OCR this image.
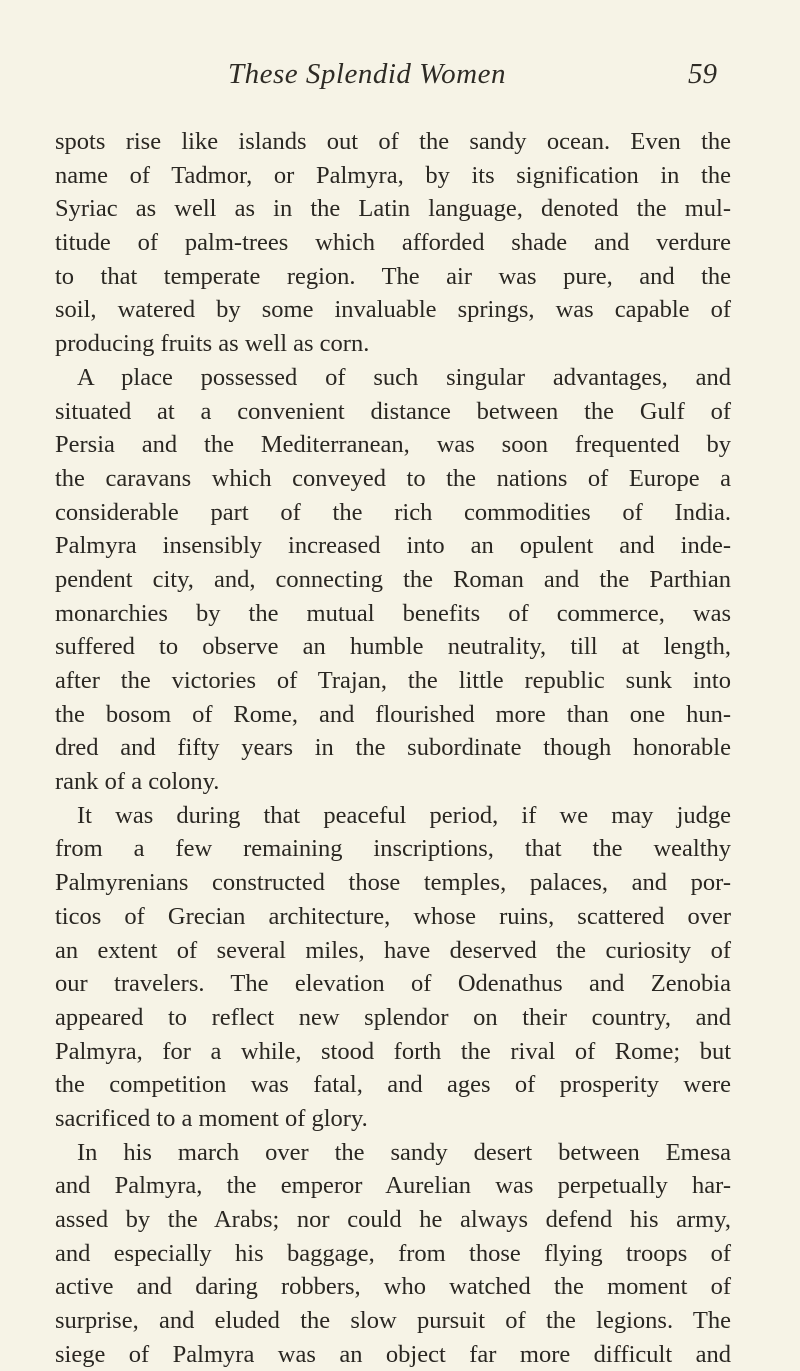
These Splendid Women	59
spots rise like islands out of the sandy ocean. Even the
name of Tadmor, or Palmyra, by its signification in the
Syriac as well as in the Latin language, denoted the mul-
titude of palm-trees which afforded shade and verdure
to that temperate region. The air was pure, and the
soil, watered by some invaluable springs, was capable of
producing fruits as well as corn.
A place possessed of such singular advantages, and
situated at a convenient distance between the Gulf of
Persia and the Mediterranean, was soon frequented by
the caravans which conveyed to the nations of Europe a
considerable part of the rich commodities of India.
Palmyra insensibly increased into an opulent and inde-
pendent city, and, connecting the Roman and the Parthian
monarchies by the mutual benefits of commerce, was
suffered to observe an humble neutrality, till at length,
after the victories of Trajan, the little republic sunk into
the bosom of Rome, and flourished more than one hun-
dred and fifty years in the subordinate though honorable
rank of a colony.
It was during that peaceful period, if we may judge
from a few remaining inscriptions, that the wealthy
Palmyrenians constructed those temples, palaces, and por-
ticos of Grecian architecture, whose ruins, scattered over
an extent of several miles, have deserved the curiosity of
our travelers. The elevation of Odenathus and Zenobia
appeared to reflect new splendor on their country, and
Palmyra, for a while, stood forth the rival of Rome; but
the competition was fatal, and ages of prosperity were
sacrificed to a moment of glory.
In his march over the sandy desert between Emesa
and Palmyra, the emperor Aurelian was perpetually har-
assed by the Arabs; nor could he always defend his army,
and especially his baggage, from those flying troops of
active and daring robbers, who watched the moment of
surprise, and eluded the slow pursuit of the legions. The
siege of Palmyra was an object far more difficult and
